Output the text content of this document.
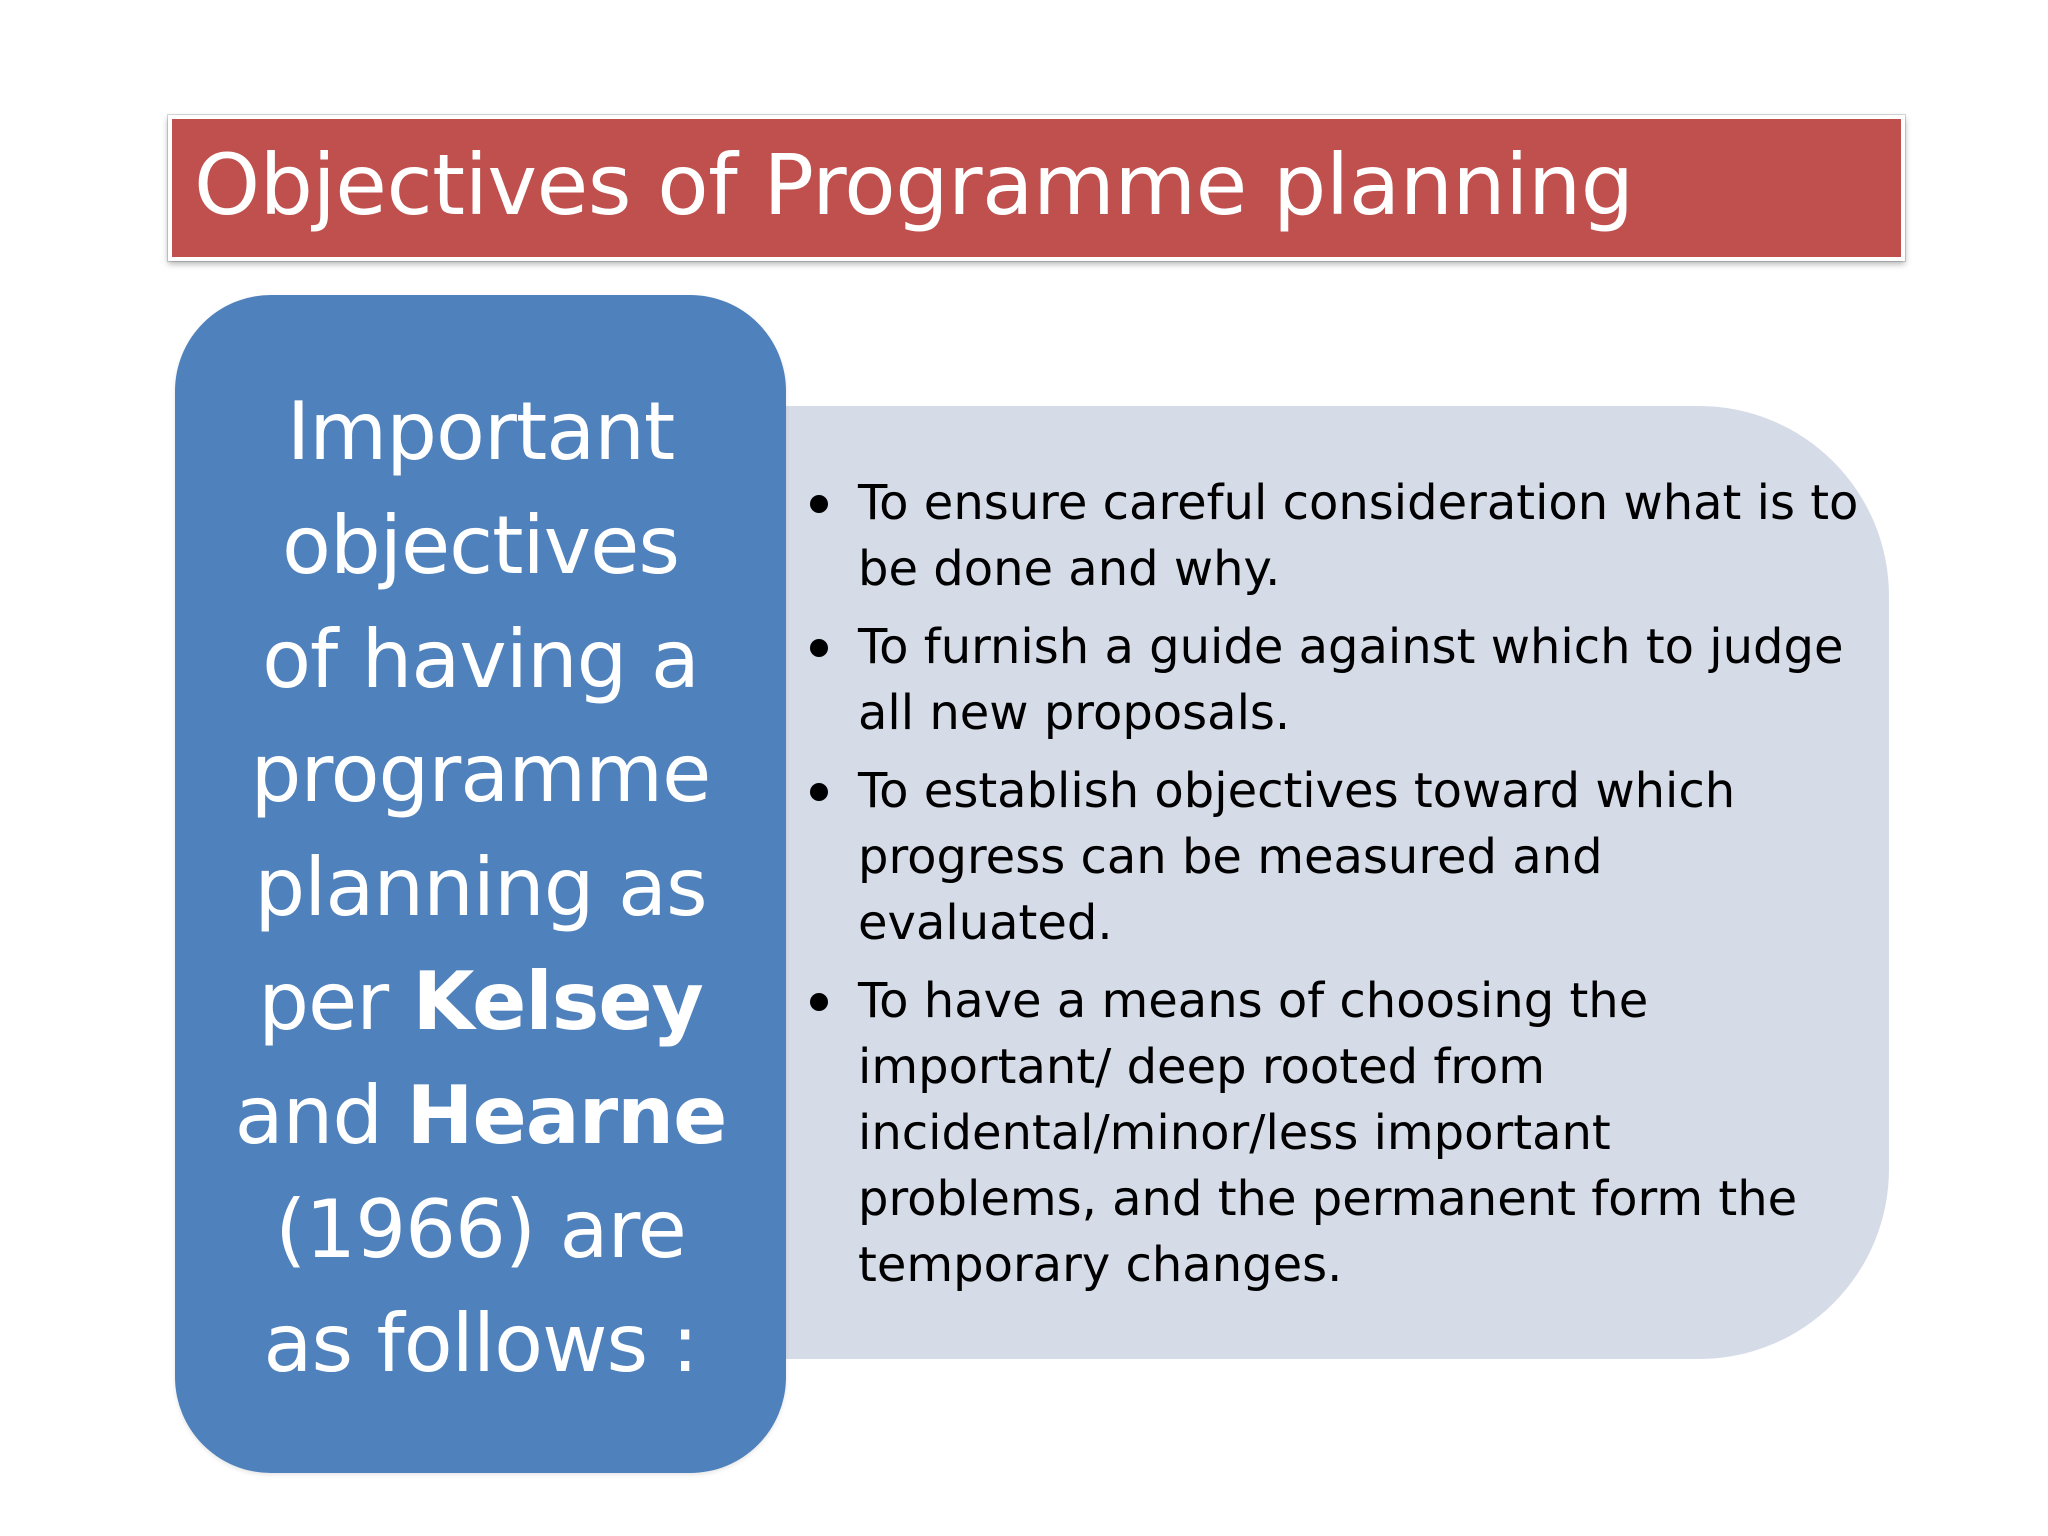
Objectives of Programme planning
Important
objectives
of having a
programme
planning as
per Kelsey
and Hearne
(1966) are
as follows :
To ensure careful consideration what is to be done and why.
To furnish a guide against which to judge all new proposals.
To establish objectives toward which progress can be measured and evaluated.
To have a means of choosing the important/ deep rooted from incidental/minor/less important problems, and the permanent form the temporary changes.
